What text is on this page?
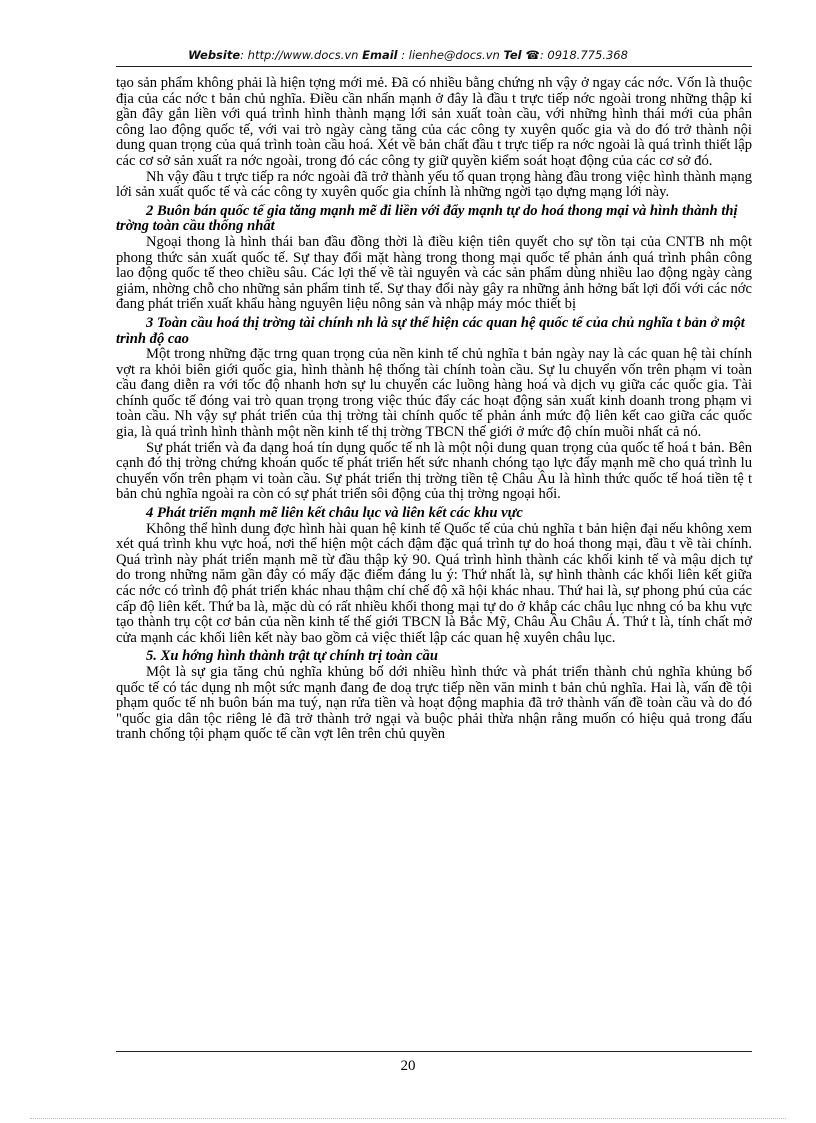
Website: http://www.docs.vn Email : lienhe@docs.vn Tel ☎: 0918.775.368

tạo sản phẩm không phải là hiện tợng mới mẻ. Đã có nhiều bằng chứng nh vậy ở ngay các nớc. Vốn là thuộc địa của các nớc t bản chủ nghĩa. Điều cần nhấn mạnh ở đây là đầu t trực tiếp nớc ngoài trong những thập kỉ gần đây gắn liền với quá trình hình thành mạng lới sản xuất toàn cầu, với những hình thái mới của phân công lao động quốc tế, với vai trò ngày càng tăng của các công ty xuyên quốc gia và do đó trở thành nội dung quan trọng của quá trình toàn cầu hoá. Xét về bản chất đầu t trực tiếp ra nớc ngoài là quá trình thiết lập các cơ sở sản xuất ra nớc ngoài, trong đó các công ty giữ quyền kiểm soát hoạt động của các cơ sở đó.

Nh vậy đầu t trực tiếp ra nớc ngoài đã trở thành yếu tố quan trọng hàng đầu trong việc hình thành mạng lới sản xuất quốc tế và các công ty xuyên quốc gia chính là những ngời tạo dựng mạng lới này.

2 Buôn bán quốc tế gia tăng mạnh mẽ đi liền với đẩy mạnh tự do hoá thong mại và hình thành thị trờng toàn cầu thống nhất

Ngoại thong là hình thái ban đầu đồng thời là điều kiện tiên quyết cho sự tồn tại của CNTB nh một phong thức sản xuất quốc tế. Sự thay đổi mặt hàng trong thong mại quốc tế phản ánh quá trình phân công lao động quốc tế theo chiều sâu. Các lợi thế về tài nguyên và các sản phẩm dùng nhiều lao động ngày càng giảm, nhờng chỗ cho những sản phẩm tinh tế. Sự thay đổi này gây ra những ảnh hởng bất lợi đối với các nớc đang phát triển xuất khẩu hàng nguyên liệu nông sản và nhập máy móc thiết bị

3 Toàn cầu hoá thị trờng tài chính nh là sự thể hiện các quan hệ quốc tế của chủ nghĩa t bản ở một trình độ cao

Một trong những đặc trng quan trọng của nền kinh tế chủ nghĩa t bản ngày nay là các quan hệ tài chính vợt ra khỏi biên giới quốc gia, hình thành hệ thống tài chính toàn cầu. Sự lu chuyển vốn trên phạm vi toàn cầu đang diễn ra với tốc độ nhanh hơn sự lu chuyển các luồng hàng hoá và dịch vụ giữa các quốc gia. Tài chính quốc tế đóng vai trò quan trọng trong việc thúc đẩy các hoạt động sản xuất kinh doanh trong phạm vi toàn cầu. Nh vậy sự phát triển của thị trờng tài chính quốc tế phản ánh mức độ liên kết cao giữa các quốc gia, là quá trình hình thành một nền kinh tế thị trờng TBCN thế giới ở mức độ chín muồi nhất cả nó.

Sự phát triển và đa dạng hoá tín dụng quốc tế nh là một nội dung quan trọng của quốc tế hoá t bản. Bên cạnh đó thị trờng chứng khoán quốc tế phát triển hết sức nhanh chóng tạo lực đẩy mạnh mẽ cho quá trình lu chuyển vốn trên phạm vi toàn cầu. Sự phát triển thị trờng tiền tệ Châu Âu là hình thức quốc tế hoá tiền tệ t bản chủ nghĩa ngoài ra còn có sự phát triển sôi động của thị trờng ngoại hối.

4 Phát triển mạnh mẽ liên kết châu lục và liên kết các khu vực

Không thể hình dung đợc hình hài quan hệ kinh tế Quốc tế của chủ nghĩa t bản hiện đại nếu không xem xét quá trình khu vực hoá, nơi thể hiện một cách đậm đặc quá trình tự do hoá thong mại, đầu t về tài chính. Quá trình này phát triển mạnh mẽ từ đầu thập kỷ 90. Quá trình hình thành các khối kinh tế và mậu dịch tự do trong những năm gần đây có mấy đặc điểm đáng lu ý: Thứ nhất là, sự hình thành các khối liên kết giữa các nớc có trình độ phát triển khác nhau thậm chí chế độ xã hội khác nhau. Thứ hai là, sự phong phú của các cấp độ liên kết. Thứ ba là, mặc dù có rất nhiều khối thong mại tự do ở khắp các châu lục nhng có ba khu vực tạo thành trụ cột cơ bản của nền kinh tế thế giới TBCN là Bắc Mỹ, Châu Âu Châu Á. Thứ t là, tính chất mở cửa mạnh các khối liên kết này bao gồm cả việc thiết lập các quan hệ xuyên châu lục.

5. Xu hớng hình thành trật tự chính trị toàn cầu

Một là sự gia tăng chủ nghĩa khủng bố dới nhiều hình thức và phát triển thành chủ nghĩa khủng bố quốc tế có tác dụng nh một sức mạnh đang đe doạ trực tiếp nền văn minh t bản chủ nghĩa. Hai là, vấn đề tội phạm quốc tế nh buôn bán ma tuý, nạn rửa tiền và hoạt động maphia đã trở thành vấn đề toàn cầu và do đó "quốc gia dân tộc riêng lẻ đã trở thành trở ngại và buộc phải thừa nhận rằng muốn có hiệu quả trong đấu tranh chống tội phạm quốc tế cần vợt lên trên chủ quyền

20
